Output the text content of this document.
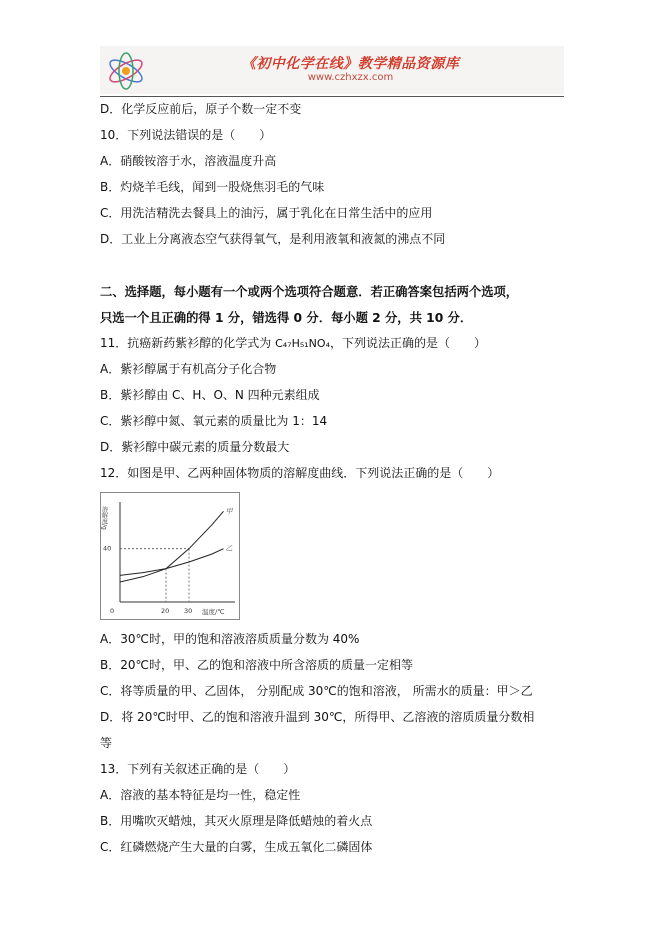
《初中化学在线》教学精品资源库
www.czhxzx.com
D．化学反应前后，原子个数一定不变
10．下列说法错误的是（　　）
A．硝酸铵溶于水，溶液温度升高
B．灼烧羊毛线，闻到一股烧焦羽毛的气味
C．用洗洁精洗去餐具上的油污，属于乳化在日常生活中的应用
D．工业上分离液态空气获得氧气，是利用液氧和液氮的沸点不同
二、选择题，每小题有一个或两个选项符合题意．若正确答案包括两个选项，
只选一个且正确的得 1 分，错选得 0 分．每小题 2 分，共 10 分．
11．抗癌新药紫衫醇的化学式为 C₄₇H₅₁NO₄，下列说法正确的是（　　）
A．紫衫醇属于有机高分子化合物
B．紫衫醇由 C、H、O、N 四种元素组成
C．紫衫醇中氮、氧元素的质量比为 1：14
D．紫衫醇中碳元素的质量分数最大
12．如图是甲、乙两种固体物质的溶解度曲线．下列说法正确的是（　　）
溶解度/g
温度/℃
0	20 30
40
甲
乙
A．30℃时，甲的饱和溶液溶质质量分数为 40%
B．20℃时，甲、乙的饱和溶液中所含溶质的质量一定相等
C．将等质量的甲、乙固体， 分别配成 30℃的饱和溶液， 所需水的质量：甲＞乙
D．将 20℃时甲、乙的饱和溶液升温到 30℃，所得甲、乙溶液的溶质质量分数相
等
13．下列有关叙述正确的是（　　）
A．溶液的基本特征是均一性，稳定性
B．用嘴吹灭蜡烛，其灭火原理是降低蜡烛的着火点
C．红磷燃烧产生大量的白雾，生成五氧化二磷固体
